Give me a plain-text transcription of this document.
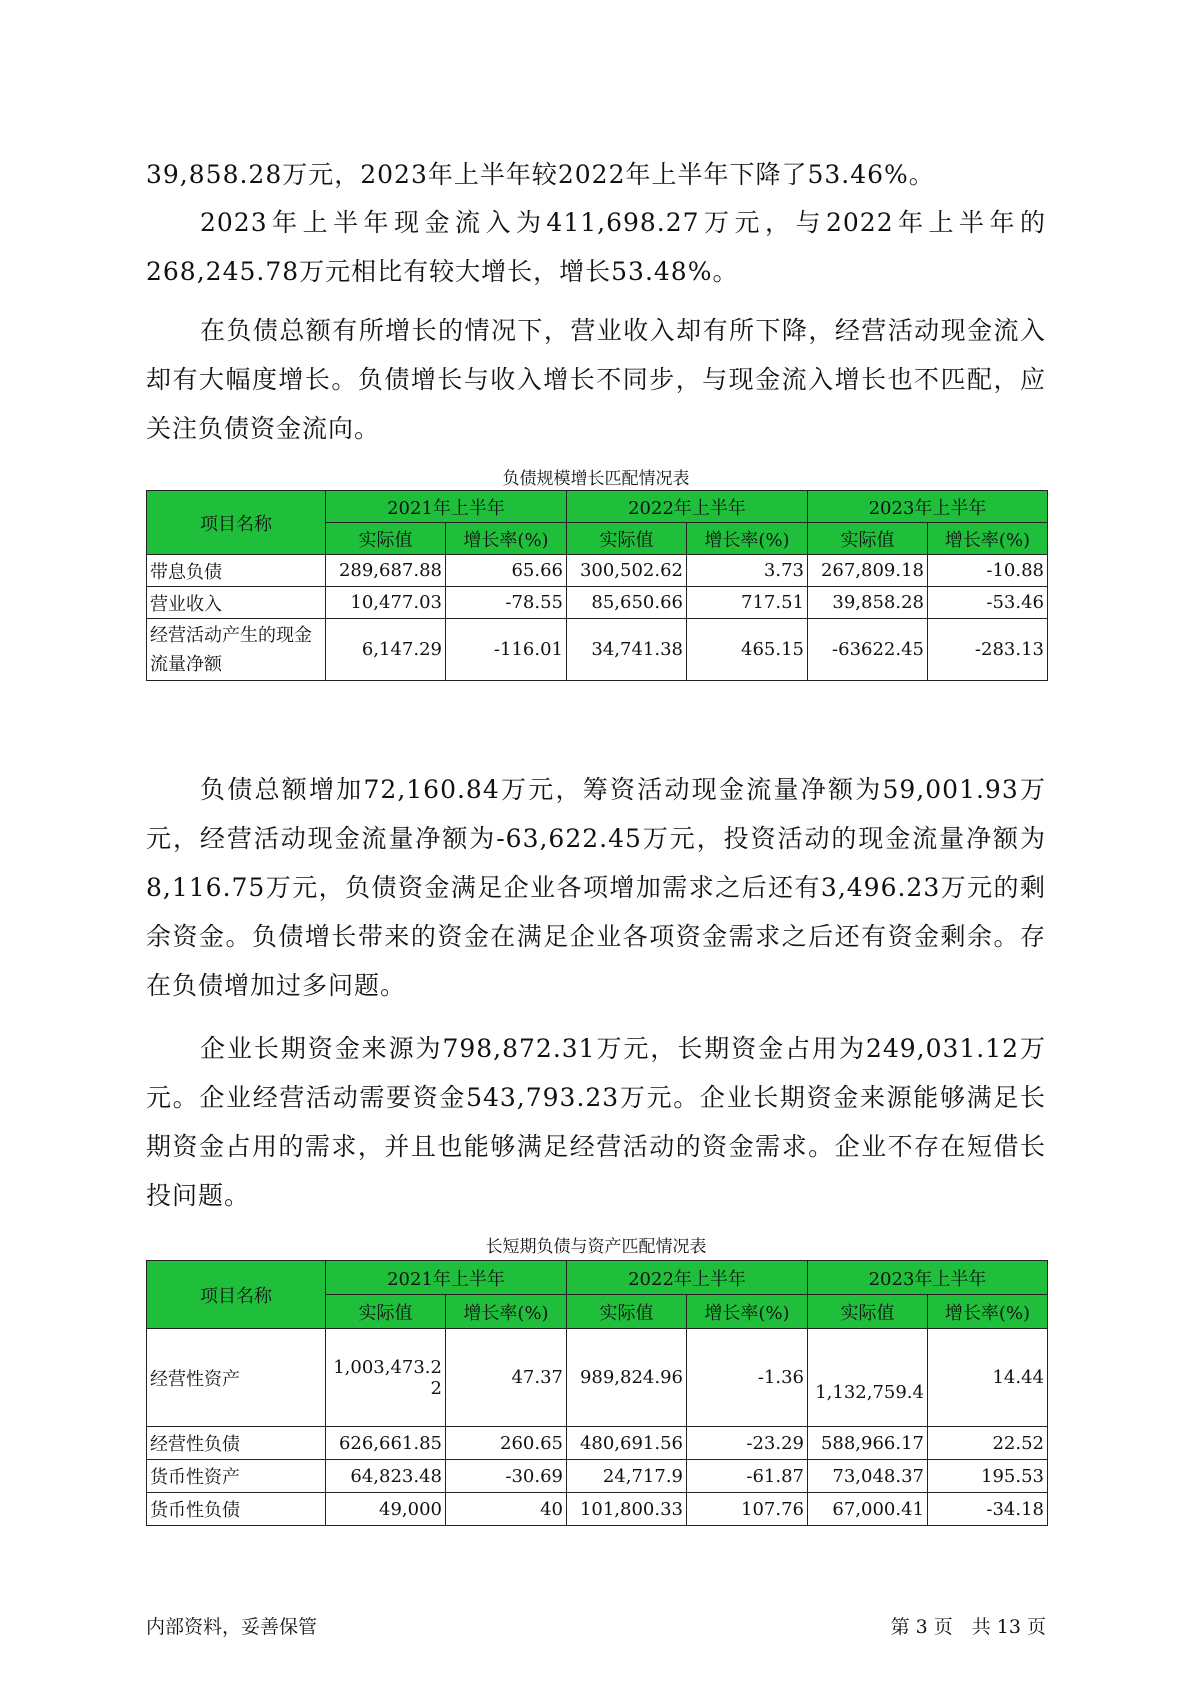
39,858.28万元，2023年上半年较2022年上半年下降了53.46%。

2023年上半年现金流入为411,698.27万元，与2022年上半年的268,245.78万元相比有较大增长，增长53.48%。

在负债总额有所增长的情况下，营业收入却有所下降，经营活动现金流入却有大幅度增长。负债增长与收入增长不同步，与现金流入增长也不匹配，应关注负债资金流向。

负债规模增长匹配情况表
项目名称	2021年上半年		2022年上半年		2023年上半年	
	实际值	增长率(%)	实际值	增长率(%)	实际值	增长率(%)
带息负债	289,687.88	65.66	300,502.62	3.73	267,809.18	-10.88
营业收入	10,477.03	-78.55	85,650.66	717.51	39,858.28	-53.46
经营活动产生的现金流量净额	6,147.29	-116.01	34,741.38	465.15	-63622.45	-283.13

负债总额增加72,160.84万元，筹资活动现金流量净额为59,001.93万元，经营活动现金流量净额为-63,622.45万元，投资活动的现金流量净额为8,116.75万元，负债资金满足企业各项增加需求之后还有3,496.23万元的剩余资金。负债增长带来的资金在满足企业各项资金需求之后还有资金剩余。存在负债增加过多问题。

企业长期资金来源为798,872.31万元，长期资金占用为249,031.12万元。企业经营活动需要资金543,793.23万元。企业长期资金来源能够满足长期资金占用的需求，并且也能够满足经营活动的资金需求。企业不存在短借长投问题。

长短期负债与资产匹配情况表
项目名称	2021年上半年		2022年上半年		2023年上半年	
	实际值	增长率(%)	实际值	增长率(%)	实际值	增长率(%)
经营性资产	1,003,473.22	47.37	989,824.96	-1.36	1,132,759.4	14.44
经营性负债	626,661.85	260.65	480,691.56	-23.29	588,966.17	22.52
货币性资产	64,823.48	-30.69	24,717.9	-61.87	73,048.37	195.53
货币性负债	49,000	40	101,800.33	107.76	67,000.41	-34.18
内部资料，妥善保管	第 3 页　共 13 页
